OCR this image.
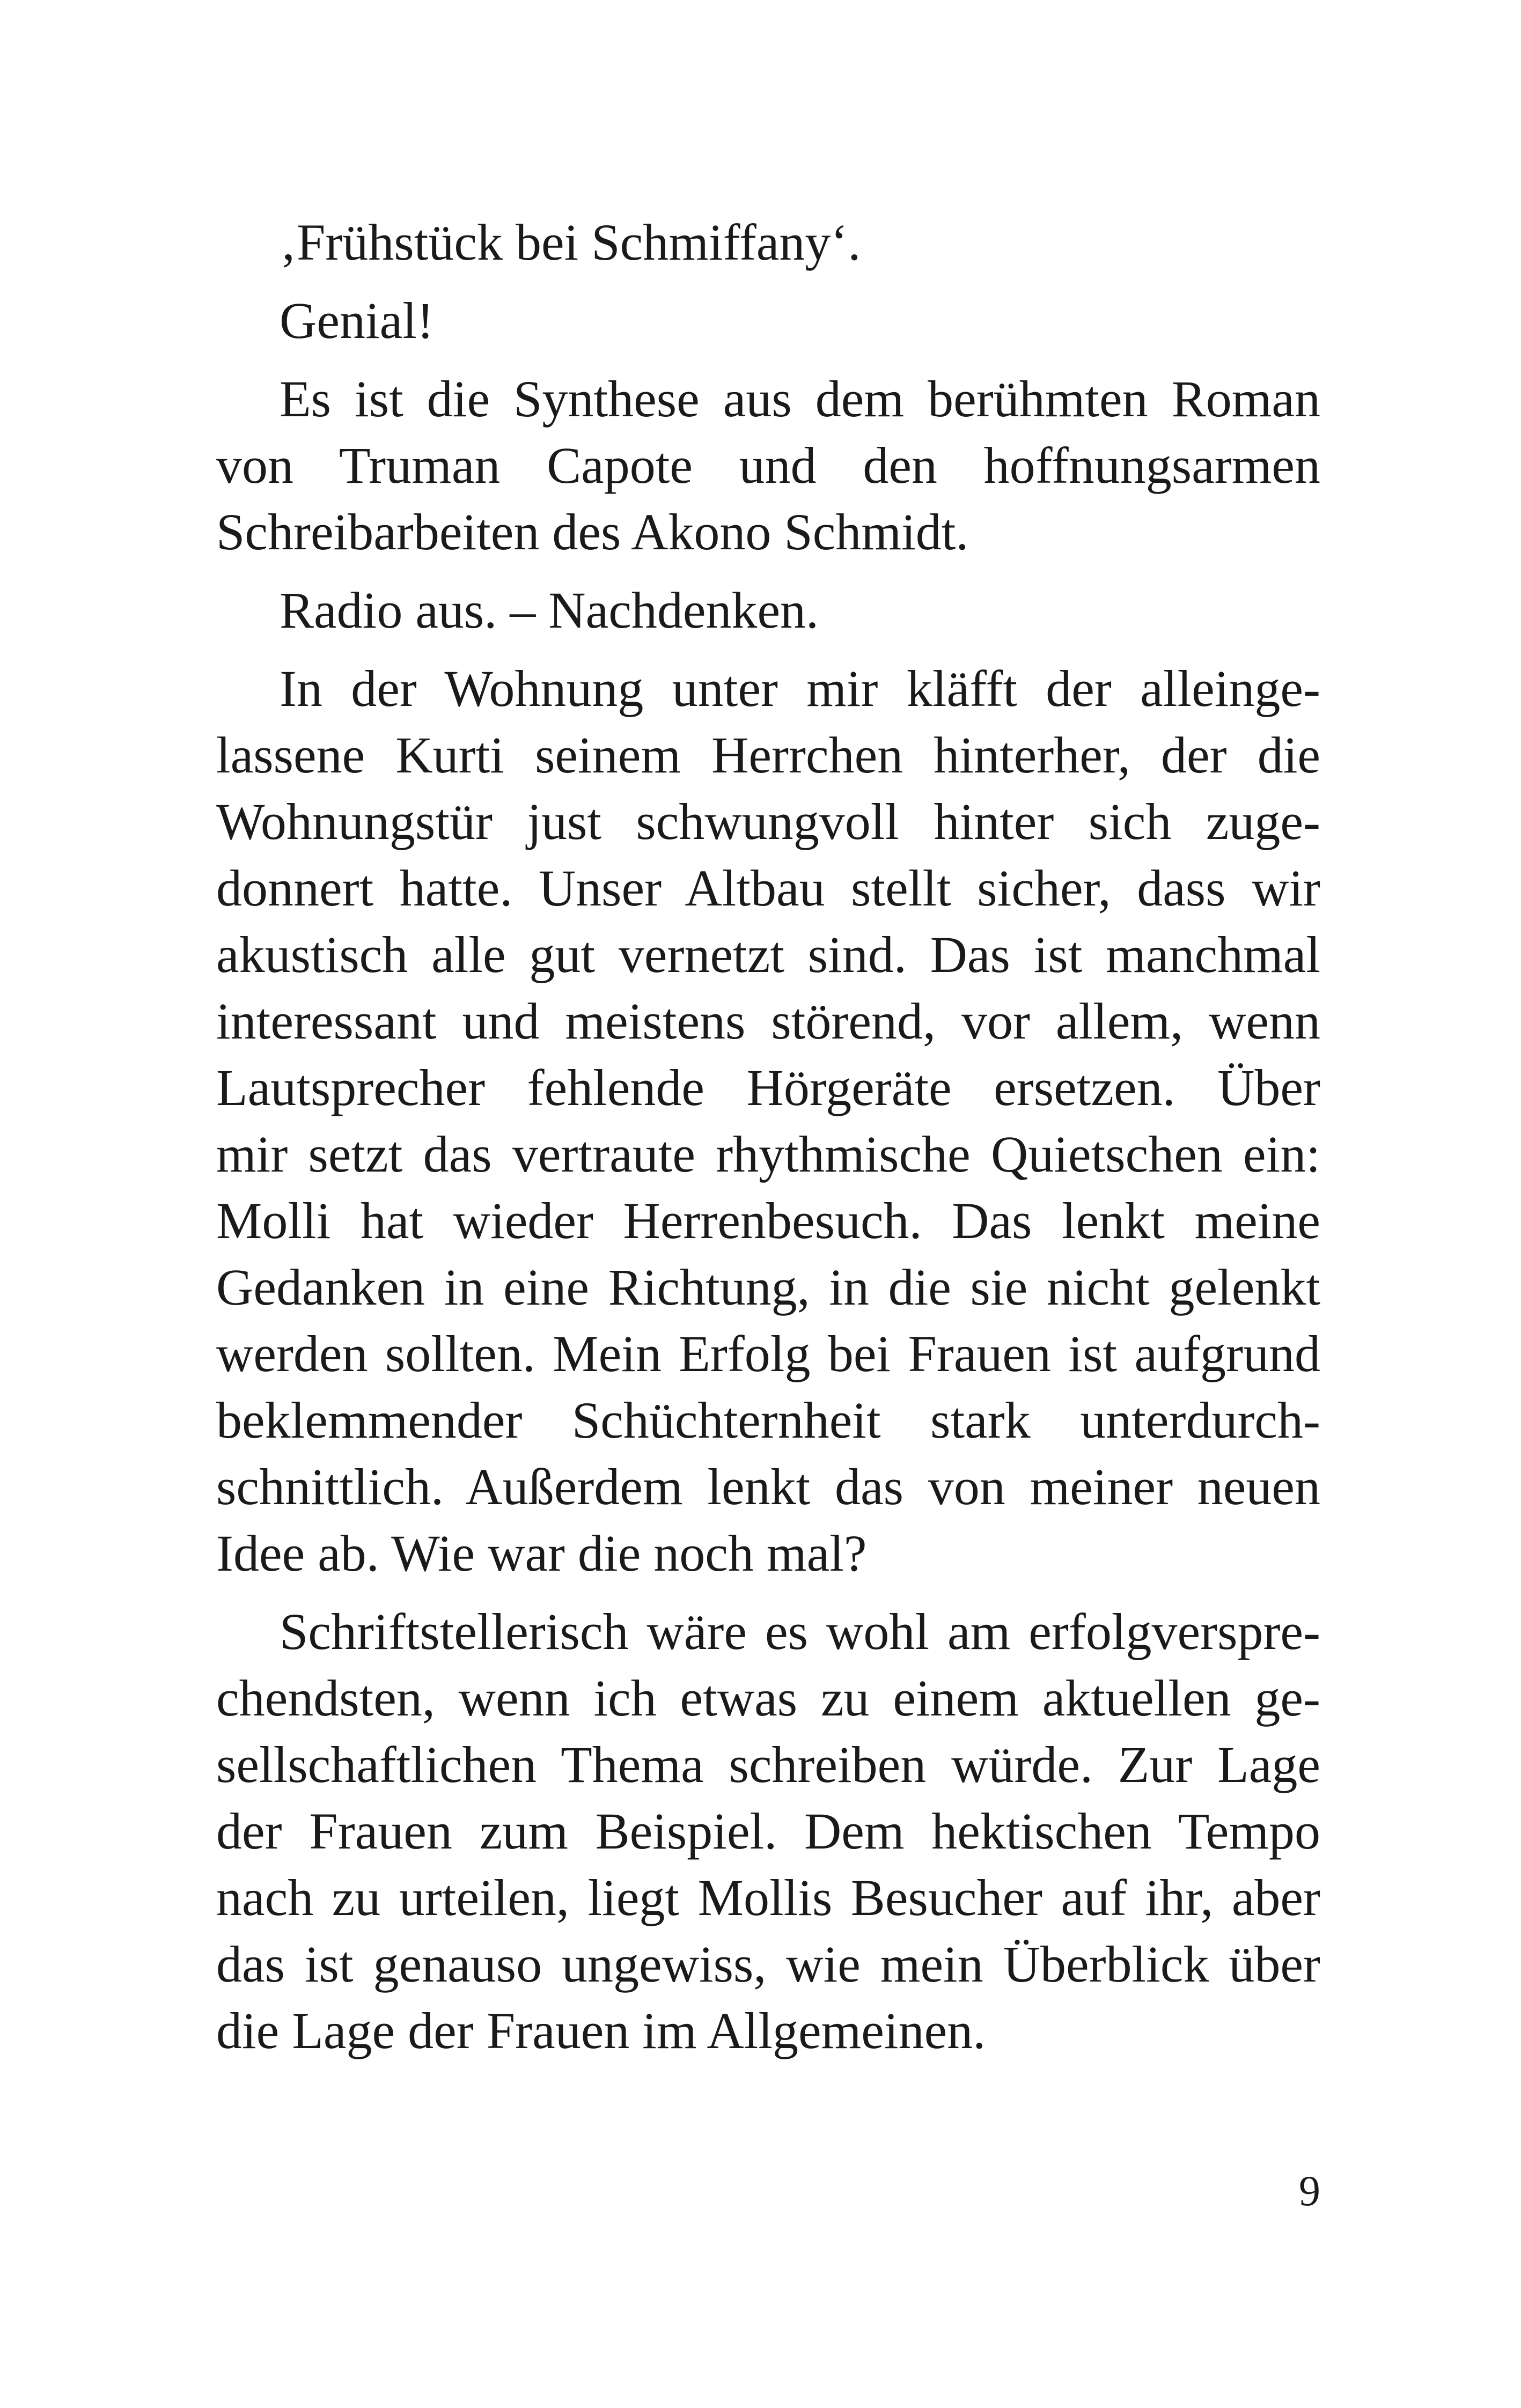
‚Frühstück bei Schmiffany‘.
Genial!
Es ist die Synthese aus dem berühmten Roman
von Truman Capote und den hoffnungsarmen
Schreibarbeiten des Akono Schmidt.
Radio aus. – Nachdenken.
In der Wohnung unter mir kläfft der alleinge-
lassene Kurti seinem Herrchen hinterher, der die
Wohnungstür just schwungvoll hinter sich zuge-
donnert hatte. Unser Altbau stellt sicher, dass wir
akustisch alle gut vernetzt sind. Das ist manchmal
interessant und meistens störend, vor allem, wenn
Lautsprecher fehlende Hörgeräte ersetzen. Über
mir setzt das vertraute rhythmische Quietschen ein:
Molli hat wieder Herrenbesuch. Das lenkt meine
Gedanken in eine Richtung, in die sie nicht gelenkt
werden sollten. Mein Erfolg bei Frauen ist aufgrund
beklemmender Schüchternheit stark unterdurch-
schnittlich. Außerdem lenkt das von meiner neuen
Idee ab. Wie war die noch mal?
Schriftstellerisch wäre es wohl am erfolgverspre-
chendsten, wenn ich etwas zu einem aktuellen ge-
sellschaftlichen Thema schreiben würde. Zur Lage
der Frauen zum Beispiel. Dem hektischen Tempo
nach zu urteilen, liegt Mollis Besucher auf ihr, aber
das ist genauso ungewiss, wie mein Überblick über
die Lage der Frauen im Allgemeinen.
9
